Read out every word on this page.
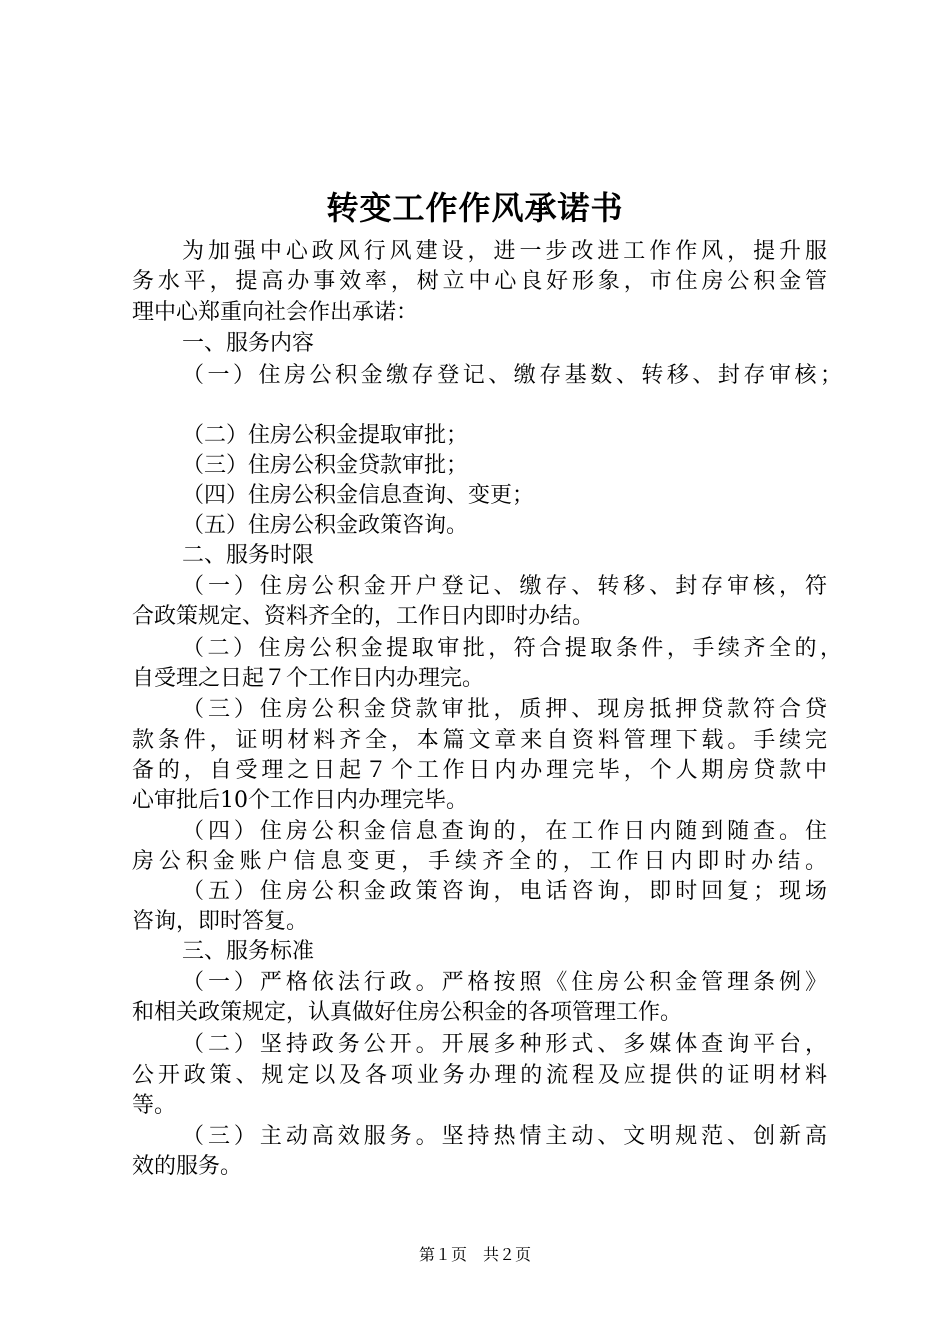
转变工作作风承诺书
为加强中心政风行风建设，进一步改进工作作风，提升服
务水平，提高办事效率，树立中心良好形象，市住房公积金管
理中心郑重向社会作出承诺：
一、服务内容
（一）住房公积金缴存登记、缴存基数、转移、封存审核；
（二）住房公积金提取审批；
（三）住房公积金贷款审批；
（四）住房公积金信息查询、变更；
（五）住房公积金政策咨询。
二、服务时限
（一）住房公积金开户登记、缴存、转移、封存审核，符
合政策规定、资料齐全的，工作日内即时办结。
（二）住房公积金提取审批，符合提取条件，手续齐全的，
自受理之日起７个工作日内办理完。
（三）住房公积金贷款审批，质押、现房抵押贷款符合贷
款条件，证明材料齐全，本篇文章来自资料管理下载。手续完
备的，自受理之日起７个工作日内办理完毕，个人期房贷款中
心审批后10个工作日内办理完毕。
（四）住房公积金信息查询的，在工作日内随到随查。住
房公积金账户信息变更，手续齐全的，工作日内即时办结。
（五）住房公积金政策咨询，电话咨询，即时回复；现场
咨询，即时答复。
三、服务标准
（一）严格依法行政。严格按照《住房公积金管理条例》
和相关政策规定，认真做好住房公积金的各项管理工作。
（二）坚持政务公开。开展多种形式、多媒体查询平台，
公开政策、规定以及各项业务办理的流程及应提供的证明材料
等。
（三）主动高效服务。坚持热情主动、文明规范、创新高
效的服务。
第１页　共２页
